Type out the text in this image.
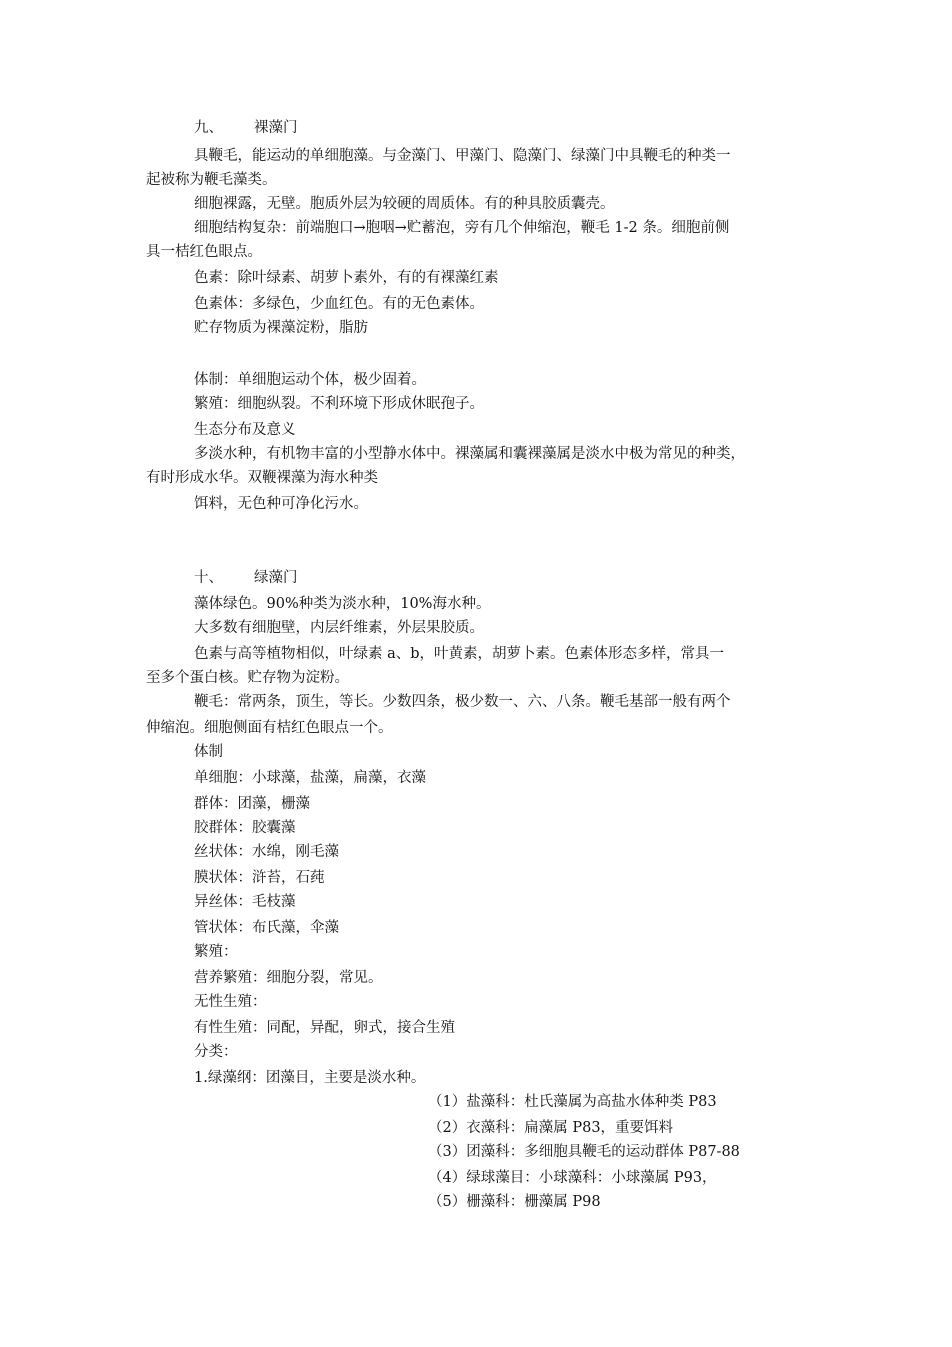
九、 裸藻门
具鞭毛，能运动的单细胞藻。与金藻门、甲藻门、隐藻门、绿藻门中具鞭毛的种类一
起被称为鞭毛藻类。
细胞裸露，无壁。胞质外层为较硬的周质体。有的种具胶质囊壳。
细胞结构复杂：前端胞口→胞咽→贮蓄泡，旁有几个伸缩泡，鞭毛 1-2 条。细胞前侧
具一桔红色眼点。
色素：除叶绿素、胡萝卜素外，有的有裸藻红素
色素体：多绿色，少血红色。有的无色素体。
贮存物质为裸藻淀粉，脂肪
体制：单细胞运动个体，极少固着。
繁殖：细胞纵裂。不利环境下形成休眠孢子。
生态分布及意义
多淡水种，有机物丰富的小型静水体中。裸藻属和囊裸藻属是淡水中极为常见的种类，
有时形成水华。双鞭裸藻为海水种类
饵料，无色种可净化污水。
十、 绿藻门
藻体绿色。90%种类为淡水种，10%海水种。
大多数有细胞壁，内层纤维素，外层果胶质。
色素与高等植物相似，叶绿素 a、b，叶黄素，胡萝卜素。色素体形态多样，常具一
至多个蛋白核。贮存物为淀粉。
鞭毛：常两条，顶生，等长。少数四条，极少数一、六、八条。鞭毛基部一般有两个
伸缩泡。细胞侧面有桔红色眼点一个。
体制
单细胞：小球藻，盐藻，扁藻，衣藻
群体：团藻，栅藻
胶群体：胶囊藻
丝状体：水绵，刚毛藻
膜状体：浒苔，石莼
异丝体：毛枝藻
管状体：布氏藻，伞藻
繁殖：
营养繁殖：细胞分裂，常见。
无性生殖：
有性生殖：同配，异配，卵式，接合生殖
分类：
1.绿藻纲：团藻目，主要是淡水种。
（1）盐藻科：杜氏藻属为高盐水体种类 P83
（2）衣藻科：扁藻属 P83，重要饵料
（3）团藻科：多细胞具鞭毛的运动群体 P87-88
（4）绿球藻目：小球藻科：小球藻属 P93，
（5）栅藻科：栅藻属 P98
